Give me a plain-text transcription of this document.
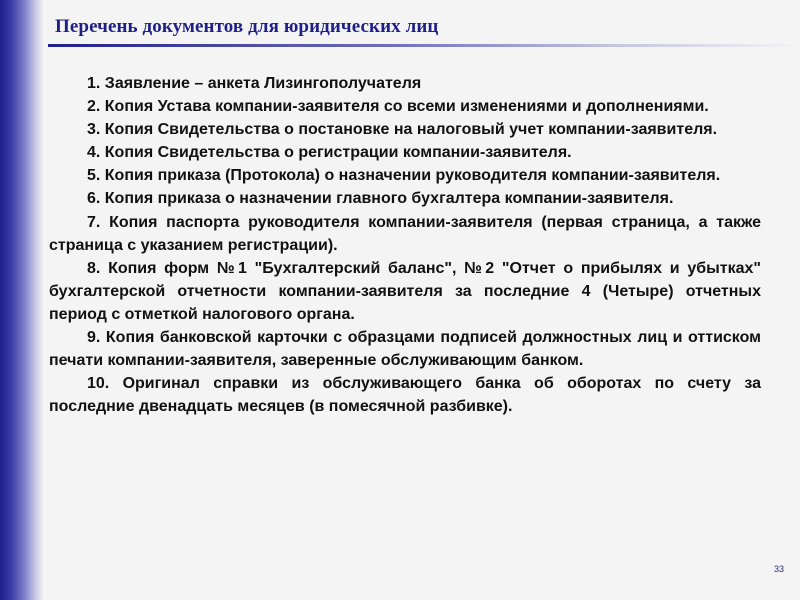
Перечень документов для юридических лиц
1. Заявление – анкета Лизингополучателя
2. Копия Устава компании-заявителя со всеми изменениями и дополнениями.
3. Копия Свидетельства о постановке на налоговый учет компании-заявителя.
4. Копия Свидетельства о регистрации компании-заявителя.
5. Копия приказа (Протокола) о назначении руководителя компании-заявителя.
6. Копия приказа о назначении главного бухгалтера компании-заявителя.
7. Копия паспорта руководителя компании-заявителя (первая страница, а также страница с указанием регистрации).
8. Копия форм №1 "Бухгалтерский баланс", №2 "Отчет о прибылях и убытках" бухгалтерской отчетности компании-заявителя за последние 4 (Четыре) отчетных период с отметкой налогового органа.
9. Копия банковской карточки с образцами подписей должностных лиц и оттиском печати компании-заявителя, заверенные обслуживающим банком.
10. Оригинал справки из обслуживающего банка об оборотах по счету за последние двенадцать месяцев (в помесячной разбивке).
33
